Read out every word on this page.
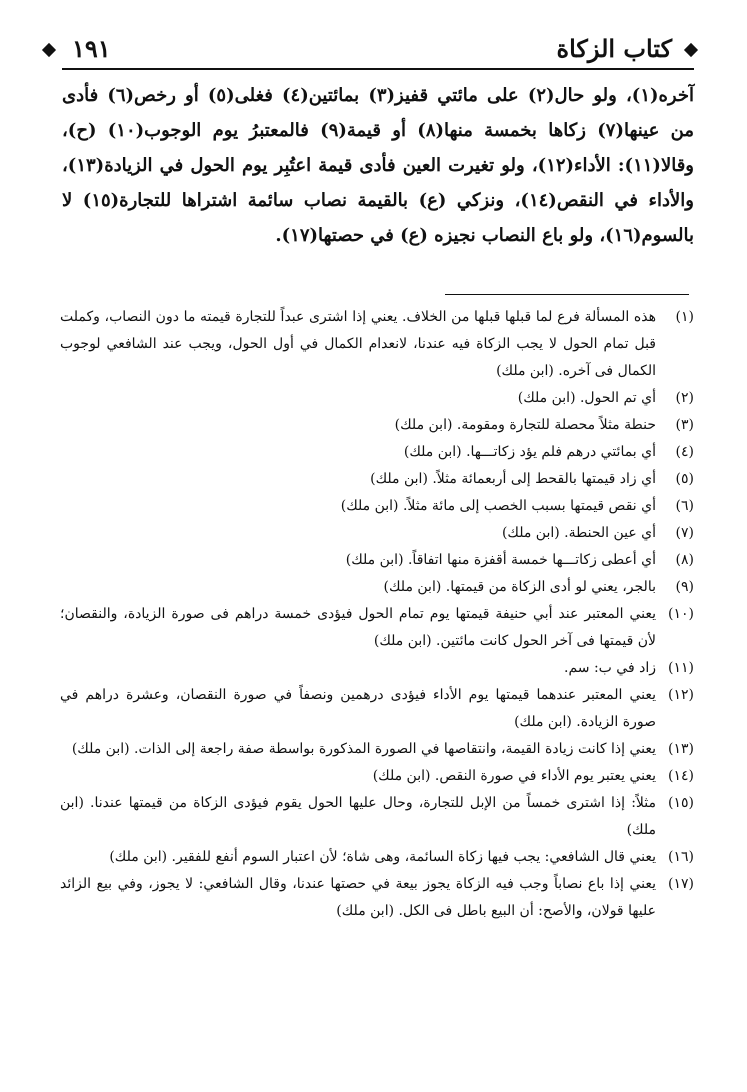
كتاب الزكاة
١٩١

آخره(١)، ولو حال(٢) على مائتي قفيز(٣) بمائتين(٤) فغلى(٥) أو رخص(٦) فأدى من عينها(٧) زكاها بخمسة منها(٨) أو قيمة(٩) فالمعتبرُ يوم الوجوب(١٠) (ح)، وقالا(١١): الأداء(١٢)، ولو تغيرت العين فأدى قيمة اعتُبِر يوم الحول في الزيادة(١٣)، والأداء في النقص(١٤)، ونزكي (ع) بالقيمة نصاب سائمة اشتراها للتجارة(١٥) لا بالسوم(١٦)، ولو باع النصاب نجيزه (ع) في حصتها(١٧).

(١)
هذه المسألة فرع لما قبلها قبلها من الخلاف. يعني إذا اشترى عبداً للتجارة قيمته ما دون النصاب، وكملت قبل تمام الحول لا يجب الزكاة فيه عندنا، لانعدام الكمال في أول الحول، ويجب عند الشافعي لوجوب الكمال فى آخره. (ابن ملك)
(٢)
أي تم الحول. (ابن ملك)
(٣)
حنطة مثلاً محصلة للتجارة ومقومة. (ابن ملك)
(٤)
أي بمائتي درهم فلم يؤد زكاتـــها. (ابن ملك)
(٥)
أي زاد قيمتها بالقحط إلى أربعمائة مثلاً. (ابن ملك)
(٦)
أي نقص قيمتها بسبب الخصب إلى مائة مثلاً. (ابن ملك)
(٧)
أي عين الحنطة. (ابن ملك)
(٨)
أي أعطى زكاتـــها خمسة أقفزة منها اتفاقاً. (ابن ملك)
(٩)
بالجر، يعني لو أدى الزكاة من قيمتها. (ابن ملك)
(١٠)
يعني المعتبر عند أبي حنيفة قيمتها يوم تمام الحول فيؤدى خمسة دراهم فى صورة الزيادة، والنقصان؛ لأن قيمتها فى آخر الحول كانت مائتين. (ابن ملك)
(١١)
زاد في ب: سم.
(١٢)
يعني المعتبر عندهما قيمتها يوم الأداء فيؤدى درهمين ونصفاً في صورة النقصان، وعشرة دراهم في صورة الزيادة. (ابن ملك)
(١٣)
يعني إذا كانت زيادة القيمة، وانتقاصها في الصورة المذكورة بواسطة صفة راجعة إلى الذات. (ابن ملك)
(١٤)
يعني يعتبر يوم الأداء في صورة النقص. (ابن ملك)
(١٥)
مثلاً: إذا اشترى خمساً من الإبل للتجارة، وحال عليها الحول يقوم فيؤدى الزكاة من قيمتها عندنا. (ابن ملك)
(١٦)
يعني قال الشافعي: يجب فيها زكاة السائمة، وهى شاة؛ لأن اعتبار السوم أنفع للفقير. (ابن ملك)
(١٧)
يعني إذا باع نصاباً وجب فيه الزكاة يجوز بيعة في حصتها عندنا، وقال الشافعي: لا يجوز، وفي بيع الزائد عليها قولان، والأصح: أن البيع باطل فى الكل. (ابن ملك)
